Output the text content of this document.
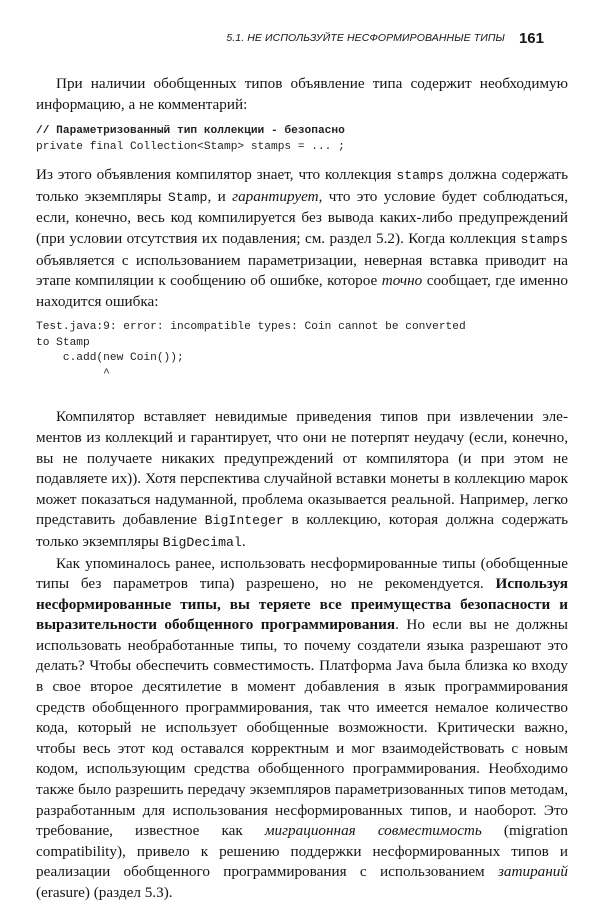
5.1. НЕ ИСПОЛЬЗУЙТЕ НЕСФОРМИРОВАННЫЕ ТИПЫ 161

При наличии обобщенных типов объявление типа содержит необходимую информацию, а не комментарий:

// Параметризованный тип коллекции - безопасно
private final Collection<Stamp> stamps = ... ;

Из этого объявления компилятор знает, что коллекция stamps должна содержать только экземпляры Stamp, и гарантирует, что это условие будет соблюдаться, если, конечно, весь код компилируется без вывода каких-либо предупреждений (при условии отсутствия их подавления; см. раздел 5.2). Когда коллекция stamps объявляется с использованием параметризации, неверная вставка приводит на этапе компиляции к сообщению об ошибке, которое точно сообщает, где именно находится ошибка:

Test.java:9: error: incompatible types: Coin cannot be converted
to Stamp
c.add(new Coin());
^

Компилятор вставляет невидимые приведения типов при извлечении элементов из коллекций и гарантирует, что они не потерпят неудачу (если, конечно, вы не получаете никаких предупреждений от компилятора (и при этом не подавляете их)). Хотя перспектива случайной вставки монеты в коллекцию марок может показаться надуманной, проблема оказывается реальной. Например, легко представить добавление BigInteger в коллекцию, которая должна содержать только экземпляры BigDecimal.

Как упоминалось ранее, использовать несформированные типы (обобщенные типы без параметров типа) разрешено, но не рекомендуется. Используя несформированные типы, вы теряете все преимущества безопасности и выразительности обобщенного программирования. Но если вы не должны использовать необработанные типы, то почему создатели языка разрешают это делать? Чтобы обеспечить совместимость. Платформа Java была близка ко входу в свое второе десятилетие в момент добавления в язык программирования средств обобщенного программирования, так что имеется немалое количество кода, который не использует обобщенные возможности. Критически важно, чтобы весь этот код оставался корректным и мог взаимодействовать с новым кодом, использующим средства обобщенного программирования. Необходимо также было разрешить передачу экземпляров параметризованных типов методам, разработанным для использования несформированных типов, и наоборот. Это требование, известное как миграционная совместимость (migration compatibility), привело к решению поддержки несформированных типов и реализации обобщенного программирования с использованием затираний (erasure) (раздел 5.3).
